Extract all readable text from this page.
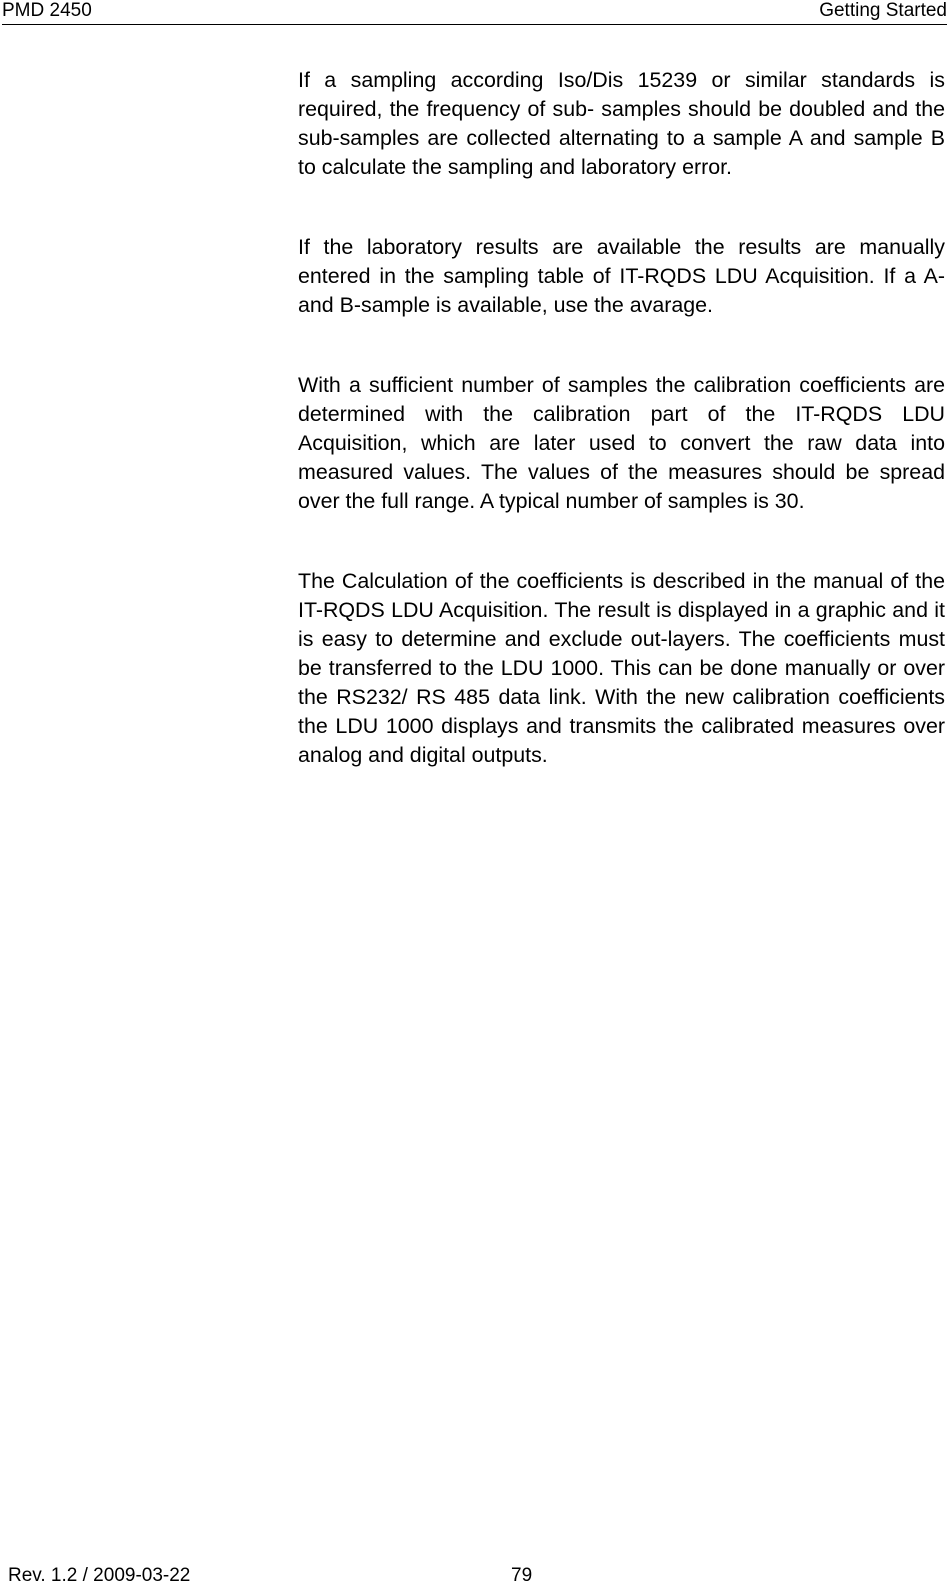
PMD 2450	Getting Started

If a sampling according Iso/Dis 15239 or similar standards is required, the frequency of sub- samples should be doubled and the sub-samples are collected alternating to a sample A and sample B to calculate the sampling and laboratory error.

If the laboratory results are available the results are manually entered in the sampling table of IT-RQDS LDU Acquisition. If a A- and B-sample is available, use the avarage.

With a sufficient number of samples the calibration coefficients are determined with the calibration part of the IT-RQDS LDU Acquisition, which are later used to convert the raw data into measured values. The values of the measures should be spread over the full range. A typical number of samples is 30.

The Calculation of the coefficients is described in the manual of the IT-RQDS LDU Acquisition. The result is displayed in a graphic and it is easy to determine and exclude out-layers. The coefficients must be transferred to the LDU 1000. This can be done manually or over the RS232/ RS 485 data link. With the new calibration coefficients the LDU 1000 displays and transmits the calibrated measures over analog and digital outputs.

Rev. 1.2 / 2009-03-22	79
